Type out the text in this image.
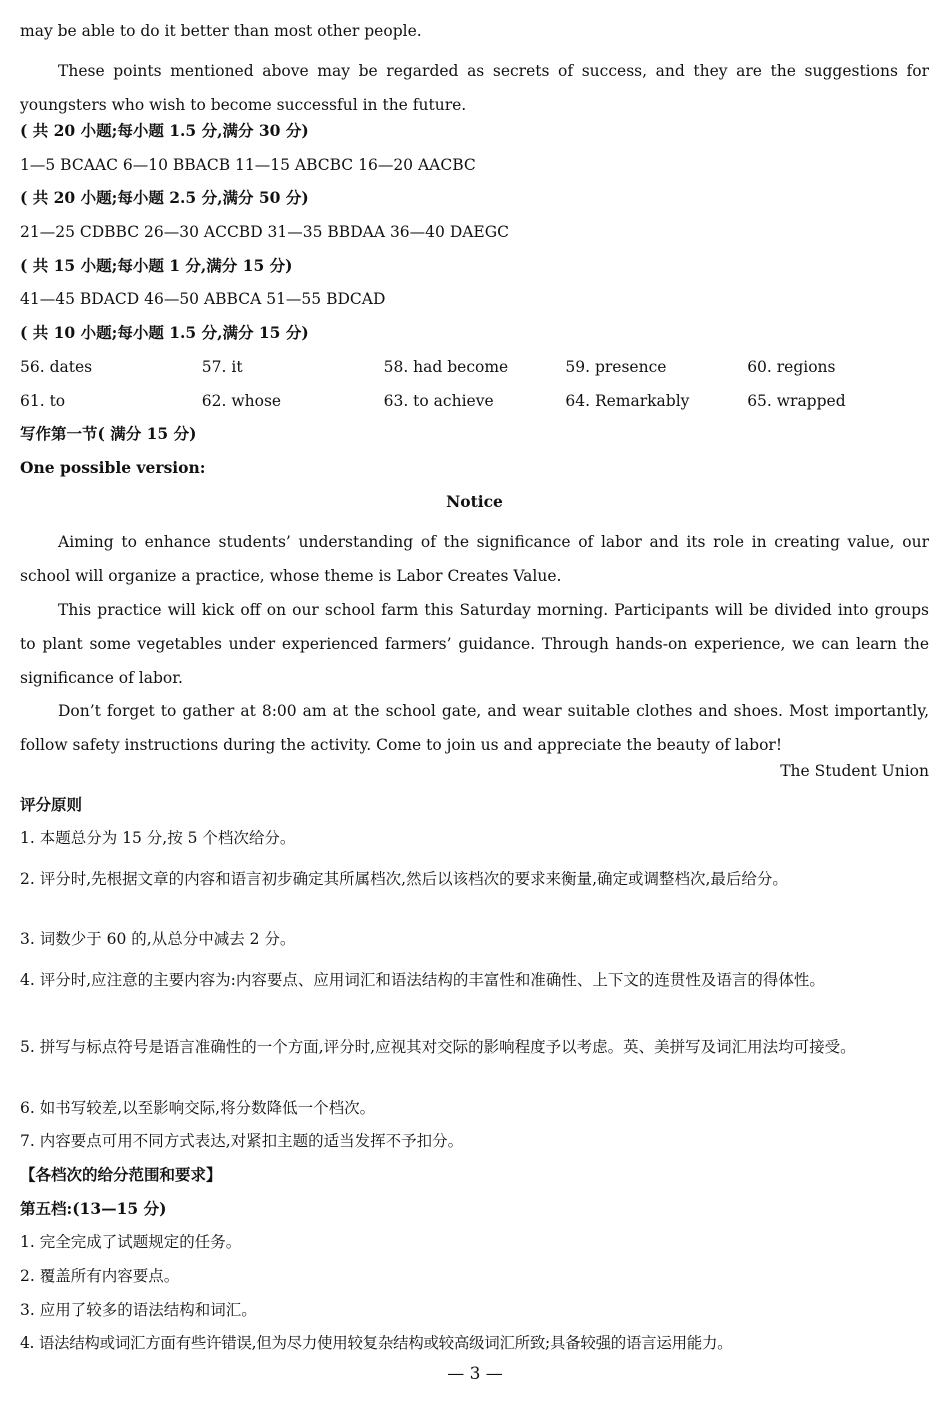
may be able to do it better than most other people.
These points mentioned above may be regarded as secrets of success, and they are the suggestions for youngsters who wish to become successful in the future.
( 共 20 小题;每小题 1.5 分,满分 30 分)
1—5 BCAAC 6—10 BBACB 11—15 ABCBC 16—20 AACBC
( 共 20 小题;每小题 2.5 分,满分 50 分)
21—25 CDBBC 26—30 ACCBD 31—35 BBDAA 36—40 DAEGC
( 共 15 小题;每小题 1 分,满分 15 分)
41—45 BDACD 46—50 ABBCA 51—55 BDCAD
( 共 10 小题;每小题 1.5 分,满分 15 分)
56. dates	57. it	58. had become	59. presence	60. regions
61. to	62. whose	63. to achieve	64. Remarkably	65. wrapped
写作第一节( 满分 15 分)
One possible version:
Notice
Aiming to enhance students’ understanding of the significance of labor and its role in creating value, our school will organize a practice, whose theme is Labor Creates Value.
This practice will kick off on our school farm this Saturday morning. Participants will be divided into groups to plant some vegetables under experienced farmers’ guidance. Through hands-on experience, we can learn the significance of labor.
Don’t forget to gather at 8:00 am at the school gate, and wear suitable clothes and shoes. Most importantly, follow safety instructions during the activity. Come to join us and appreciate the beauty of labor!
The Student Union
评分原则
1. 本题总分为 15 分,按 5 个档次给分。
2. 评分时,先根据文章的内容和语言初步确定其所属档次,然后以该档次的要求来衡量,确定或调整档次,最后给分。
3. 词数少于 60 的,从总分中减去 2 分。
4. 评分时,应注意的主要内容为:内容要点、应用词汇和语法结构的丰富性和准确性、上下文的连贯性及语言的得体性。
5. 拼写与标点符号是语言准确性的一个方面,评分时,应视其对交际的影响程度予以考虑。英、美拼写及词汇用法均可接受。
6. 如书写较差,以至影响交际,将分数降低一个档次。
7. 内容要点可用不同方式表达,对紧扣主题的适当发挥不予扣分。
【各档次的给分范围和要求】
第五档:(13—15 分)
1. 完全完成了试题规定的任务。
2. 覆盖所有内容要点。
3. 应用了较多的语法结构和词汇。
4. 语法结构或词汇方面有些许错误,但为尽力使用较复杂结构或较高级词汇所致;具备较强的语言运用能力。
— 3 —
